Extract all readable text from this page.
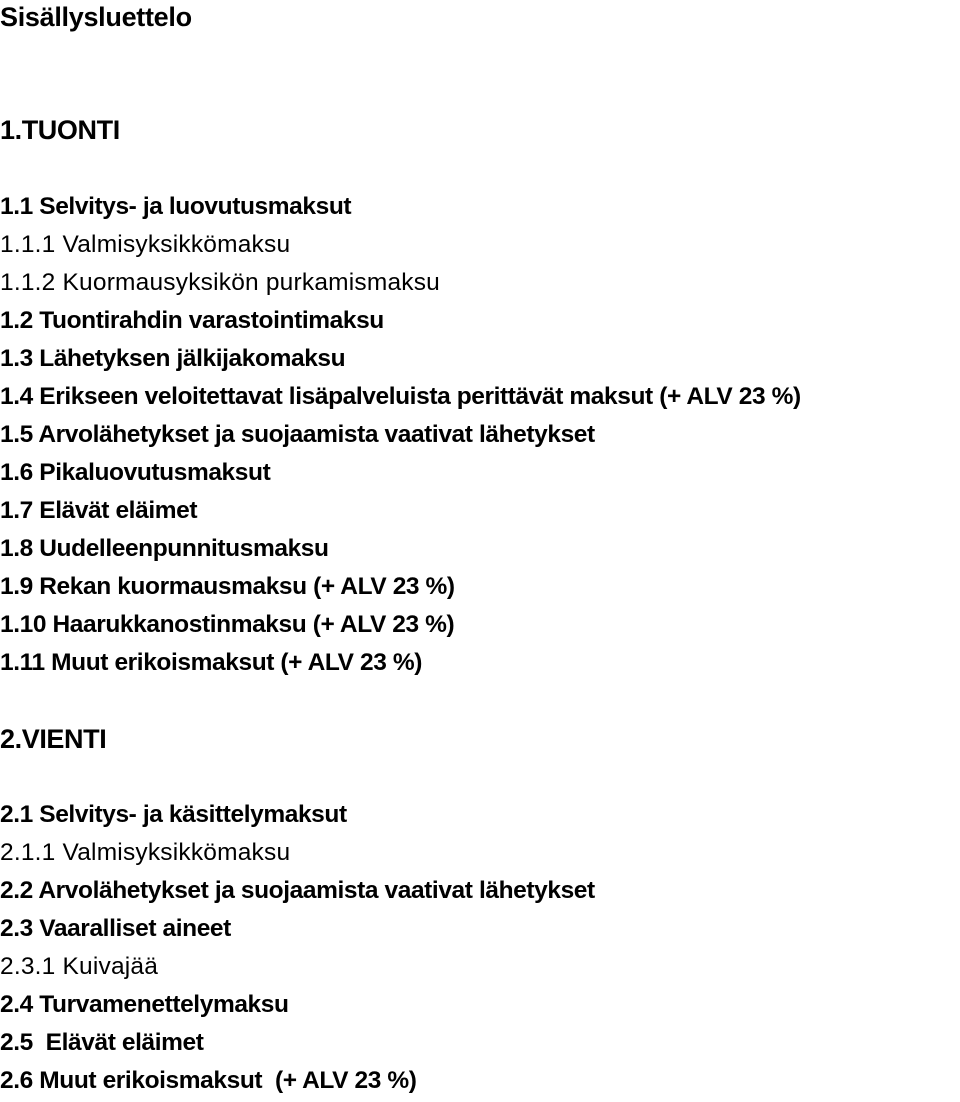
Sisällysluettelo
1.TUONTI
1.1 Selvitys- ja luovutusmaksut
1.1.1 Valmisyksikkömaksu
1.1.2 Kuormausyksikön purkamismaksu
1.2 Tuontirahdin varastointimaksu
1.3 Lähetyksen jälkijakomaksu
1.4 Erikseen veloitettavat lisäpalveluista perittävät maksut (+ ALV 23 %)
1.5 Arvolähetykset ja suojaamista vaativat lähetykset
1.6 Pikaluovutusmaksut
1.7 Elävät eläimet
1.8 Uudelleenpunnitusmaksu
1.9 Rekan kuormausmaksu (+ ALV 23 %)
1.10 Haarukkanostinmaksu (+ ALV 23 %)
1.11 Muut erikoismaksut (+ ALV 23 %)
2.VIENTI
2.1 Selvitys- ja käsittelymaksut
2.1.1 Valmisyksikkömaksu
2.2 Arvolähetykset ja suojaamista vaativat lähetykset
2.3 Vaaralliset aineet
2.3.1 Kuivajää
2.4 Turvamenettelymaksu
2.5  Elävät eläimet
2.6 Muut erikoismaksut  (+ ALV 23 %)
